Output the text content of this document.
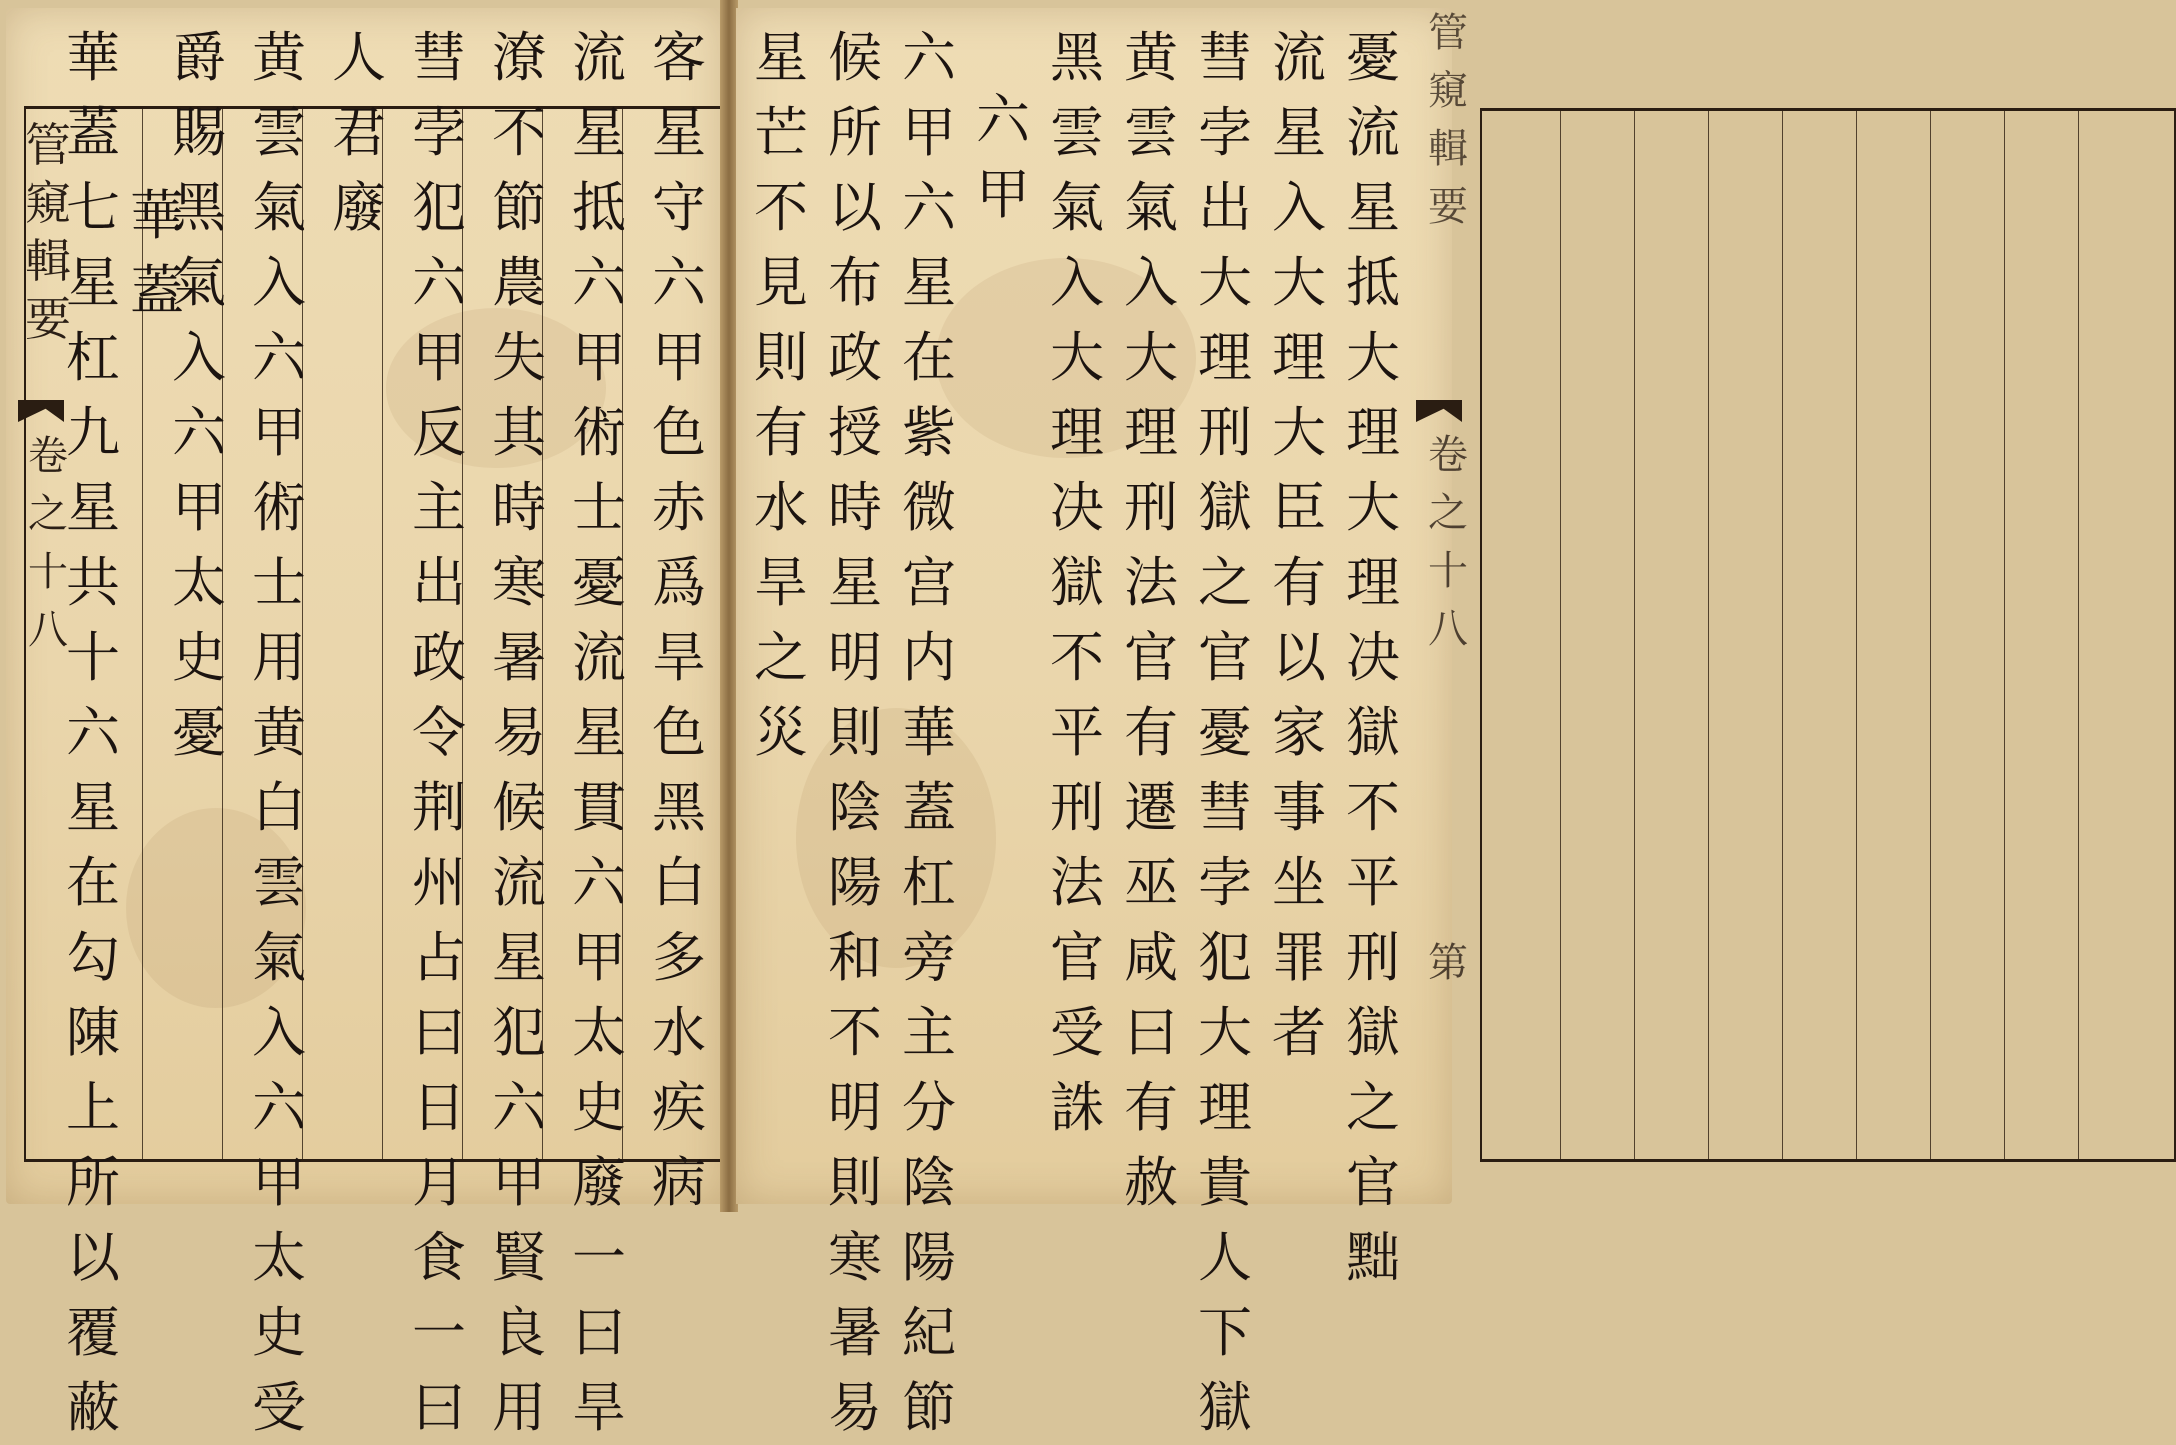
管
窺
輯
要
卷
之
十
八
客
星
守
六
甲
色
赤
爲
旱
色
黑
白
多
水
疾
病
流
星
抵
六
甲
術
士
憂
流
星
貫
六
甲
太
史
廢
一
曰
旱
潦
不
節
農
失
其
時
寒
暑
易
候
流
星
犯
六
甲
賢
良
用
彗
孛
犯
六
甲
反
主
出
政
令
荆
州
占
曰
日
月
食
一
曰
人
君
廢
黄
雲
氣
入
六
甲
術
士
用
黄
白
雲
氣
入
六
甲
太
史
受
爵
賜
黑
氣
入
六
甲
太
史
憂
華
蓋
華
蓋
七
星
杠
九
星
共
十
六
星
在
勾
陳
上
所
以
覆
蔽
星
芒
不
見
則
有
水
旱
之
災
候
所
以
布
政
授
時
星
明
則
陰
陽
和
不
明
則
寒
暑
易
六
甲
六
星
在
紫
微
宫
内
華
蓋
杠
旁
主
分
陰
陽
紀
節
六
甲
黑
雲
氣
入
大
理
决
獄
不
平
刑
法
官
受
誅
黄
雲
氣
入
大
理
刑
法
官
有
遷
巫
咸
曰
有
赦
彗
孛
出
大
理
刑
獄
之
官
憂
彗
孛
犯
大
理
貴
人
下
獄
流
星
入
大
理
大
臣
有
以
家
事
坐
罪
者
憂
流
星
抵
大
理
大
理
决
獄
不
平
刑
獄
之
官
黜
管
窺
輯
要
卷
之
十
八
第
